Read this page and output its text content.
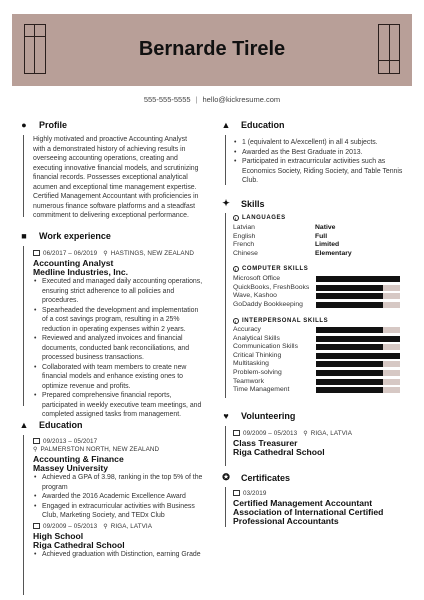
Bernarde Tirele
555-555-5555 | hello@kickresume.com
●	Profile
Highly motivated and proactive Accounting Analyst
with a demonstrated history of achieving results in
overseeing accounting operations, creating and
executing innovative financial models, and scrutinizing
financial records. Possesses exceptional analytical
acumen and exceptional time management expertise.
Certified Management Accountant with proficiencies in
numerous finance software platforms and a steadfast
commitment to delivering exceptional performance.
■	Work experience
06/2017 – 06/2019 ⚲ HASTINGS, NEW ZEALAND
Accounting Analyst
Medline Industries, Inc.
• Executed and managed daily accounting operations,
ensuring strict adherence to all policies and
procedures.
• Spearheaded the development and implementation
of a cost savings program, resulting in a 25%
reduction in operating expenses within 2 years.
• Reviewed and analyzed invoices and financial
documents, conducted bank reconciliations, and
processed business transactions.
• Collaborated with team members to create new
financial models and enhance existing ones to
optimize revenue and profits.
• Prepared comprehensive financial reports,
participated in weekly executive team meetings, and
completed assigned tasks from management.
▲ Education
09/2013 – 05/2017
⚲ PALMERSTON NORTH, NEW ZEALAND
Accounting & Finance
Massey University
• Achieved a GPA of 3.98, ranking in the top 5% of the
program
• Awarded the 2016 Academic Excellence Award
• Engaged in extracurricular activities with Business
Club, Marketing Society, and TEDx Club
09/2009 – 05/2013 ⚲ RIGA, LATVIA
High School
Riga Cathedral School
• Achieved graduation with Distinction, earning Grade
▲ Education
• 1 (equivalent to A/excellent) in all 4 subjects.
• Awarded as the Best Graduate in 2013.
• Participated in extracurricular activities such as
Economics Society, Riding Society, and Table Tennis
Club.
✦ Skills
i LANGUAGES
Latvian	Native
English	Full
French	Limited
Chinese	Elementary
i COMPUTER SKILLS
Microsoft Office
QuickBooks, FreshBooks
Wave, Kashoo
GoDaddy Bookkeeping
i INTERPERSONAL SKILLS
Accuracy
Analytical Skills
Communication Skills
Critical Thinking
Multitasking
Problem-solving
Teamwork
Time Management
♥	Volunteering
09/2009 – 05/2013 ⚲ RIGA, LATVIA
Class Treasurer
Riga Cathedral School
✪ Certificates
03/2019
Certified Management Accountant
Association of International Certified
Professional Accountants
